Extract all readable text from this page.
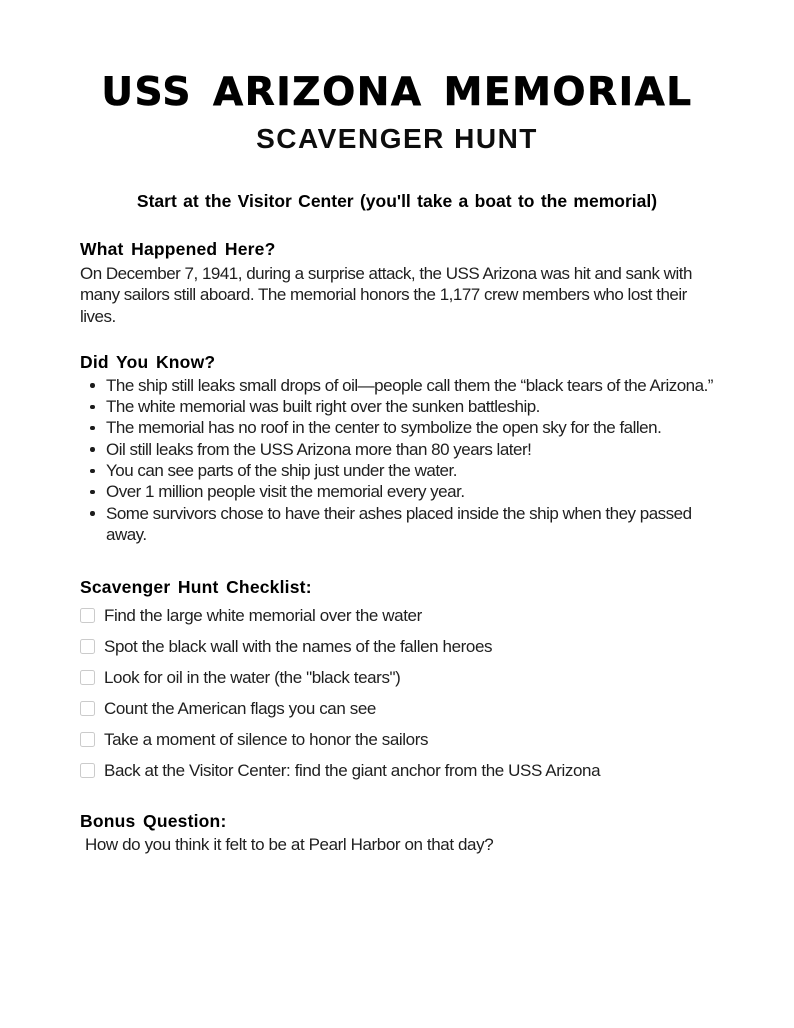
USS ARIZONA MEMORIAL
SCAVENGER HUNT

Start at the Visitor Center (you'll take a boat to the memorial)

What Happened Here?

On December 7, 1941, during a surprise attack, the USS Arizona was hit and sank with many sailors still aboard. The memorial honors the 1,177 crew members who lost their lives.

Did You Know?
The ship still leaks small drops of oil—people call them the “black tears of the Arizona.”
The white memorial was built right over the sunken battleship.
The memorial has no roof in the center to symbolize the open sky for the fallen.
Oil still leaks from the USS Arizona more than 80 years later!
You can see parts of the ship just under the water.
Over 1 million people visit the memorial every year.
Some survivors chose to have their ashes placed inside the ship when they passed away.
Scavenger Hunt Checklist:
Find the large white memorial over the water
Spot the black wall with the names of the fallen heroes
Look for oil in the water (the "black tears")
Count the American flags you can see
Take a moment of silence to honor the sailors
Back at the Visitor Center: find the giant anchor from the USS Arizona
Bonus Question:

How do you think it felt to be at Pearl Harbor on that day?
